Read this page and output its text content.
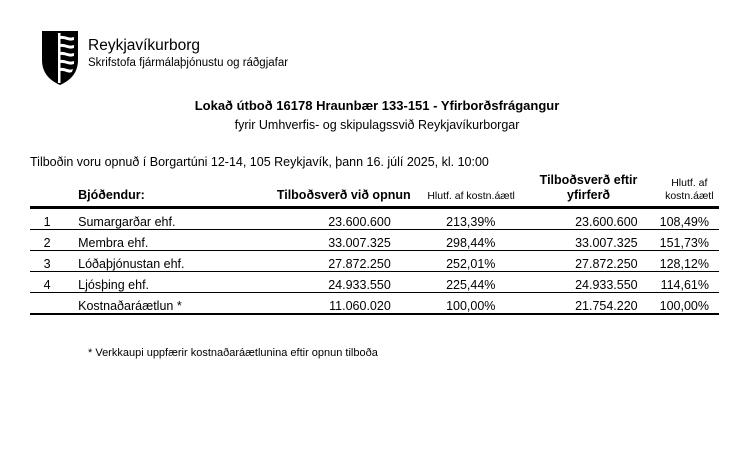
Reykjavíkurborg
Skrifstofa fjármálaþjónustu og ráðgjafar
Lokað útboð 16178 Hraunbær 133-151 - Yfirborðsfrágangur
fyrir Umhverfis- og skipulagssvið Reykjavíkurborgar
Tilboðin voru opnuð í Borgartúni 12-14, 105 Reykjavík, þann 16. júlí 2025, kl. 10:00
	Bjóðendur:	Tilboðsverð við opnun	Hlutf. af kostn.áætl	Tilboðsverð eftir yfirferð	Hlutf. af kostn.áætl
1	Sumargarðar ehf.	23.600.600	213,39%	23.600.600	108,49%
2	Membra ehf.	33.007.325	298,44%	33.007.325	151,73%
3	Lóðaþjónustan ehf.	27.872.250	252,01%	27.872.250	128,12%
4	Ljósþing ehf.	24.933.550	225,44%	24.933.550	114,61%
	Kostnaðaráætlun *	11.060.020	100,00%	21.754.220	100,00%
* Verkkaupi uppfærir kostnaðaráætlunina eftir opnun tilboða
